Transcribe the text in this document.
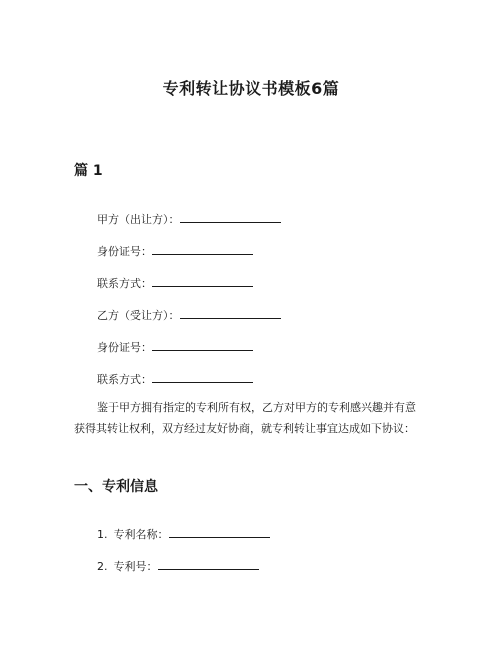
专利转让协议书模板6篇
篇 1
甲方（出让方）：
身份证号：
联系方式：
乙方（受让方）：
身份证号：
联系方式：
鉴于甲方拥有指定的专利所有权，乙方对甲方的专利感兴趣并有意获得其转让权利，双方经过友好协商，就专利转让事宜达成如下协议：
一、专利信息
1. 专利名称：
2. 专利号：
